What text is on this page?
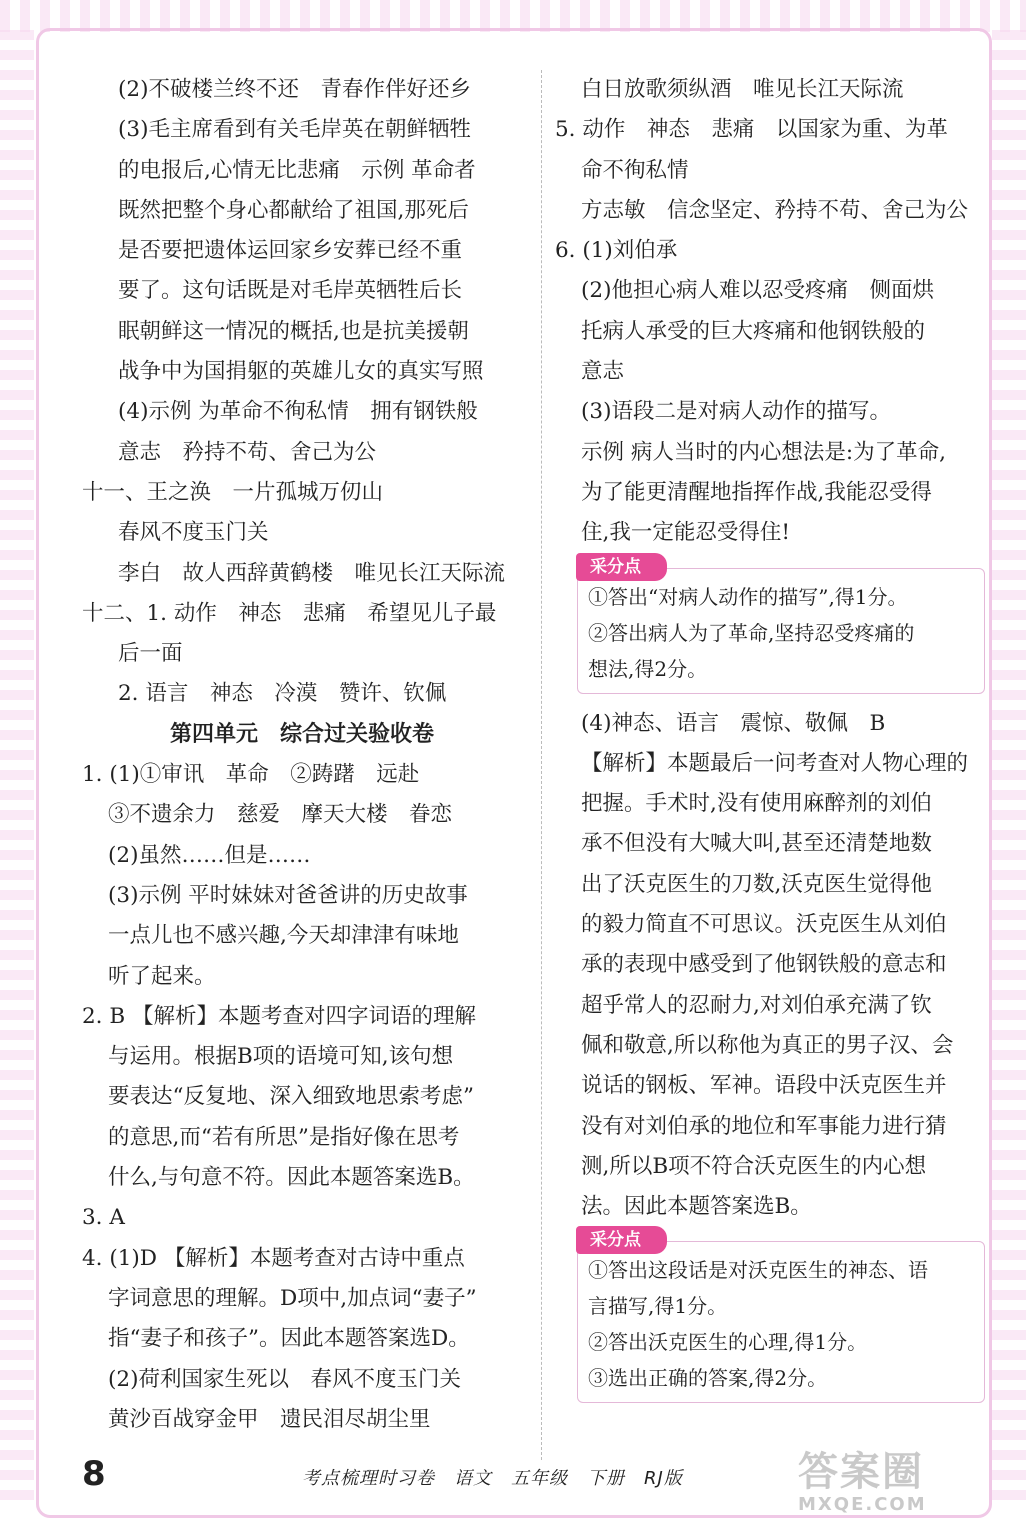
(2)不破楼兰终不还　青春作伴好还乡
(3)毛主席看到有关毛岸英在朝鲜牺牲
的电报后,心情无比悲痛　示例 革命者
既然把整个身心都献给了祖国,那死后
是否要把遗体运回家乡安葬已经不重
要了。这句话既是对毛岸英牺牲后长
眠朝鲜这一情况的概括,也是抗美援朝
战争中为国捐躯的英雄儿女的真实写照
(4)示例 为革命不徇私情　拥有钢铁般
意志　矜持不苟、舍己为公
十一、王之涣　一片孤城万仞山
春风不度玉门关
李白　故人西辞黄鹤楼　唯见长江天际流
十二、1. 动作　神态　悲痛　希望见儿子最
后一面
2. 语言　神态　冷漠　赞许、钦佩
第四单元　综合过关验收卷
1. (1)①审讯　革命　②踌躇　远赴
③不遗余力　慈爱　摩天大楼　眷恋
(2)虽然……但是……
(3)示例 平时妹妹对爸爸讲的历史故事
一点儿也不感兴趣,今天却津津有味地
听了起来。
2. B 【解析】本题考查对四字词语的理解
与运用。根据B项的语境可知,该句想
要表达“反复地、深入细致地思索考虑”
的意思,而“若有所思”是指好像在思考
什么,与句意不符。因此本题答案选B。
3. A
4. (1)D 【解析】本题考查对古诗中重点
字词意思的理解。D项中,加点词“妻子”
指“妻子和孩子”。因此本题答案选D。
(2)荷利国家生死以　春风不度玉门关
黄沙百战穿金甲　遗民泪尽胡尘里
白日放歌须纵酒　唯见长江天际流
5. 动作　神态　悲痛　以国家为重、为革
命不徇私情
方志敏　信念坚定、矜持不苟、舍己为公
6. (1)刘伯承
(2)他担心病人难以忍受疼痛　侧面烘
托病人承受的巨大疼痛和他钢铁般的
意志
(3)语段二是对病人动作的描写。
示例 病人当时的内心想法是:为了革命,
为了能更清醒地指挥作战,我能忍受得
住,我一定能忍受得住!
采分点
①答出“对病人动作的描写”,得1分。
②答出病人为了革命,坚持忍受疼痛的
想法,得2分。
(4)神态、语言　震惊、敬佩　B
【解析】本题最后一问考查对人物心理的
把握。手术时,没有使用麻醉剂的刘伯
承不但没有大喊大叫,甚至还清楚地数
出了沃克医生的刀数,沃克医生觉得他
的毅力简直不可思议。沃克医生从刘伯
承的表现中感受到了他钢铁般的意志和
超乎常人的忍耐力,对刘伯承充满了钦
佩和敬意,所以称他为真正的男子汉、会
说话的钢板、军神。语段中沃克医生并
没有对刘伯承的地位和军事能力进行猜
测,所以B项不符合沃克医生的内心想
法。因此本题答案选B。
采分点
①答出这段话是对沃克医生的神态、语
言描写,得1分。
②答出沃克医生的心理,得1分。
③选出正确的答案,得2分。
8	考点梳理时习卷　语文　五年级　下册　RJ版	答案圈
MXQE.COM
